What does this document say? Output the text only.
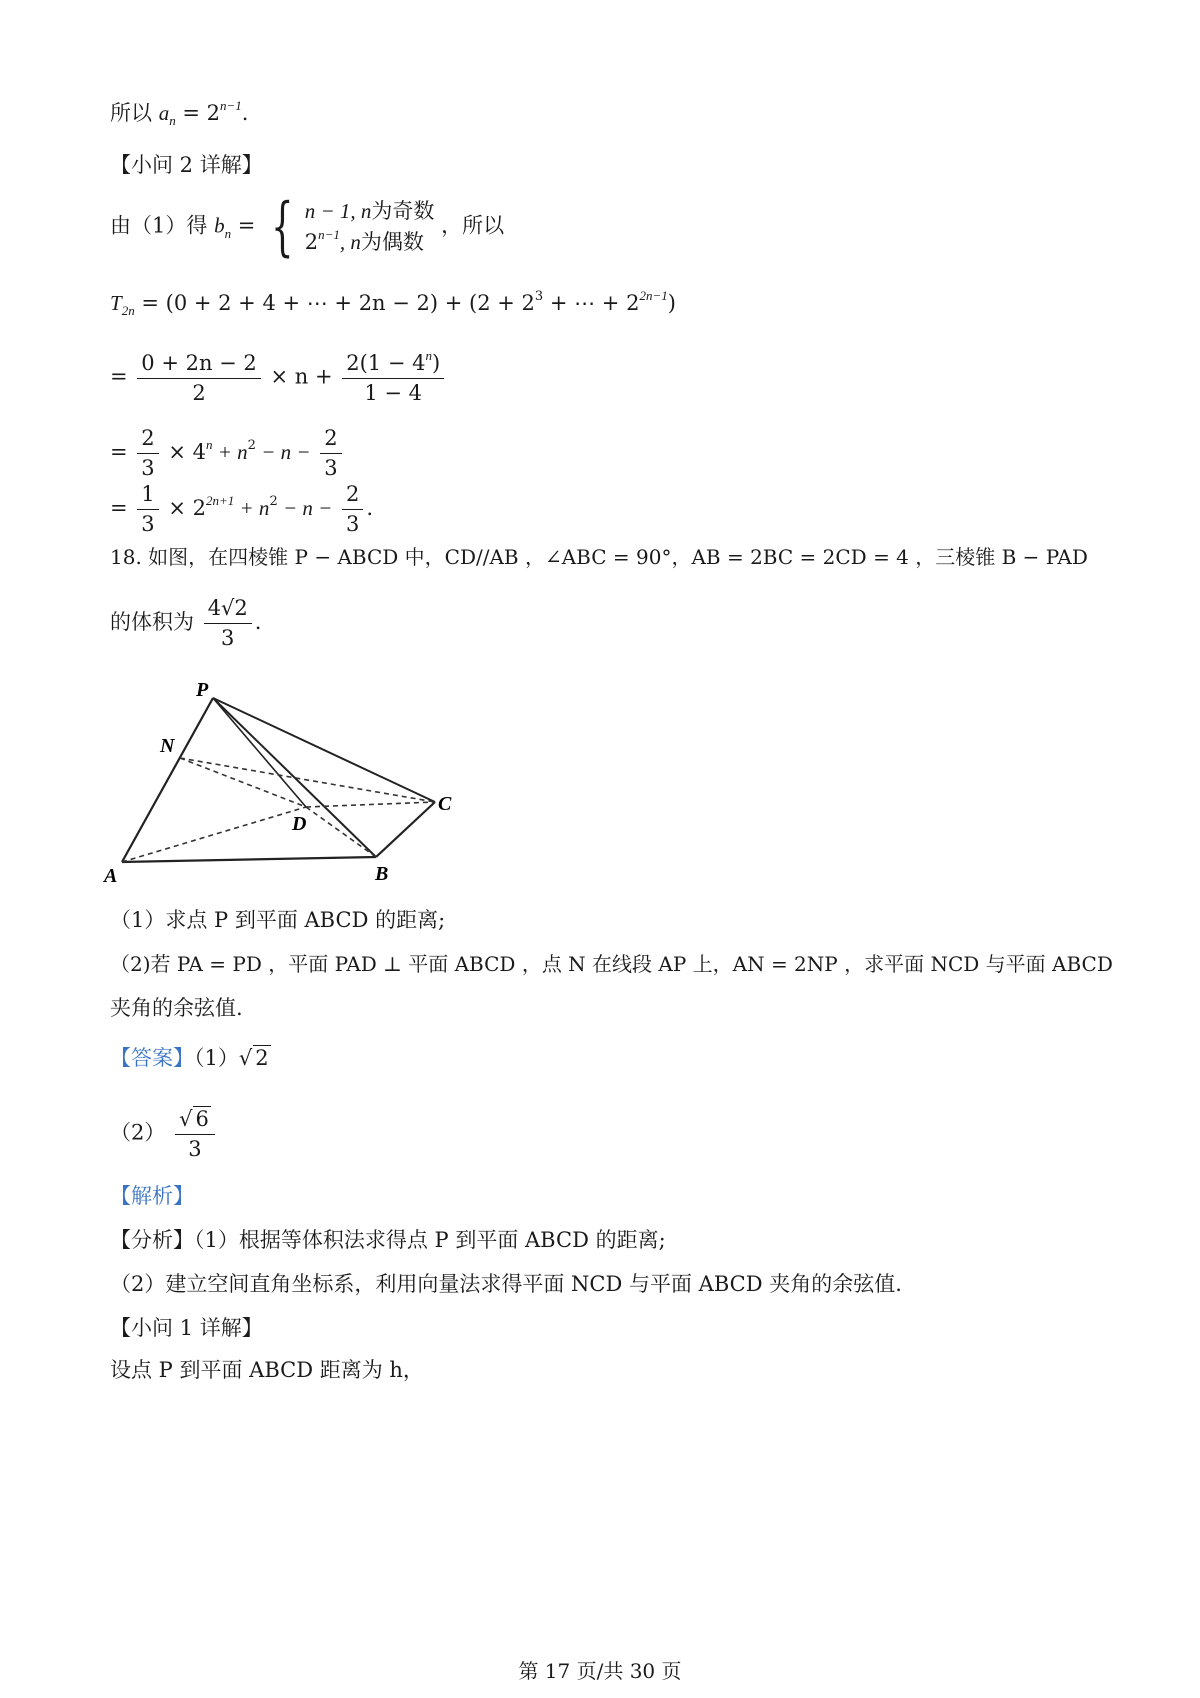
所以 $a_n = 2^{n-1}$.
【小问 2 详解】
由（1）得 $b_n$ = { n − 1, n为奇数
$2^{n-1}$, n为偶数
，所以
$T_{2n} = (0 + 2 + 4$ + ⋯ + $2n - 2) + (2 + 2^3$ + ⋯ + $2^{2n-1}$)
= $\frac{0 + 2n - 2}{2} \times n + \frac{2(1 - 4^n)}{1 - 4}$
= $\frac{2}{3} \times 4^n + n^2 - n - \frac{2}{3}$
= $\frac{1}{3} \times 2^{2n+1} + n^2 - n - \frac{2}{3}$ .
18. 如图，在四棱锥 P − ABCD 中，CD//AB ，∠ABC = 90°，AB = 2BC = 2CD = 4 ，三棱锥 B − PAD
的体积为 $\frac{4√2}{3}$ .
P
N
A	B
C
D
（1）求点 P 到平面 ABCD 的距离;
（2)若 PA = PD ，平面 PAD ⊥ 平面 ABCD ，点 N 在线段 AP 上，AN = 2NP ，求平面 NCD 与平面 ABCD
夹角的余弦值.
【答案】（1）√ 2
$(2) \frac{√ 6}{3}$
【解析】
【分析】（1）根据等体积法求得点 P 到平面 ABCD 的距离;
（2）建立空间直角坐标系，利用向量法求得平面 NCD 与平面 ABCD 夹角的余弦值.
【小问 1 详解】
设点 P 到平面 ABCD 距离为 h，
第 17 页/共 30 页
